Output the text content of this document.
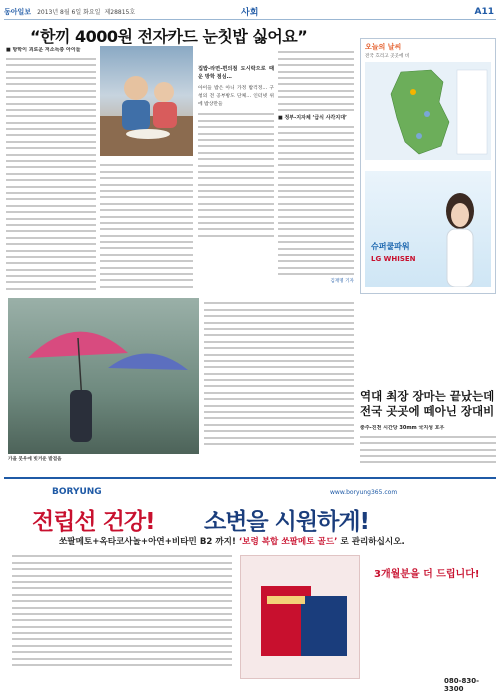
동아일보 2013년 8월 6일 화요일 제28815호	사회	A11
“한끼 4000원 전자카드 눈칫밥 싫어요”
■ 방학이 괴로운 저소득층 아이들
집밥-라면-편의점 도시락으로 때운 방학 점심…
아이들 밥은 아니 가정 밥걱정… 구청의 전 공부방도 단체… 인터넷 위에 밥상만들
■ 정부-지자체 ‘급식 사각지대’
김재명 기자
오늘의 날씨
전국 흐리고 곳곳에 비
슈퍼쿨파워
LG WHISEN
가을 뭇우에 빗거운 발걸음
역대 최장 장마는 끝났는데 전국 곳곳에 떼아닌 장대비
충주-진천 시간당 30mm 국지성 호우
BORYUNG	www.boryung365.com
전립선 건강! 소변을 시원하게!
쏘팔메토+옥타코사놀+아연+비타민 B2 까지! ‘보령 복합 쏘팔메토 골드’ 로 관리하십시오.
3개월분을 더 드립니다!
080-830-3300
